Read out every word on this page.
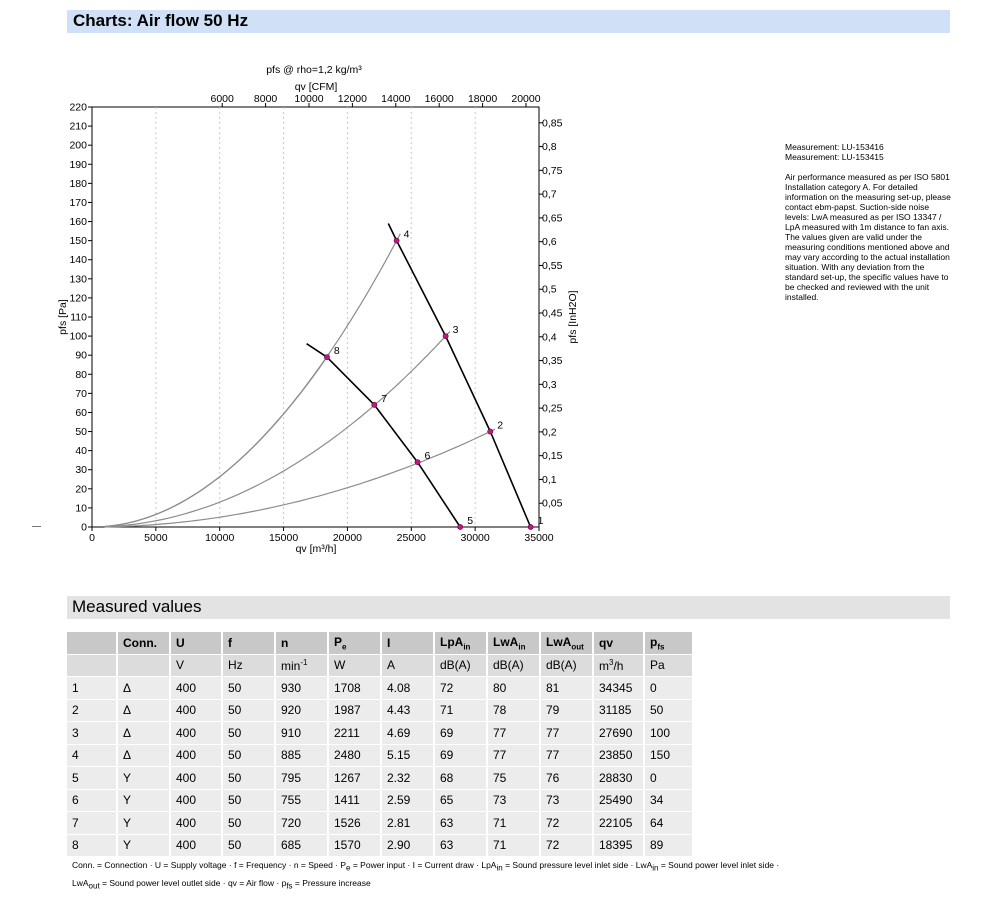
Charts: Air flow 50 Hz
0	5000	10000	15000	20000	25000	30000	35000
0
10
20
30
40
50
60
70
80
90
100
110
120
130
140
150
160
170
180
190
200
210
220
6000 8000 10000 12000 14000 16000 18000 20000
0,05
0,1
0,15
0,2
0,25
0,3
0,35
0,4
0,45
0,5
0,55
0,6
0,65
0,7
0,75
0,8
0,85
pfs @ rho=1,2 kg/m³
qv [CFM]
qv [m³/h]
pfs [Pa]	pfs [InH2O]
1
2
3
4
5
6
7
8

Measurement: LU-153416
Measurement: LU-153415

Air performance measured as per ISO 5801 Installation category A. For detailed information on the measuring set-up, please contact ebm-papst. Suction-side noise levels: LwA measured as per ISO 13347 / LpA measured with 1m distance to fan axis. The values given are valid under the measuring conditions mentioned above and may vary according to the actual installation situation. With any deviation from the standard set-up, the specific values have to be checked and reviewed with the unit installed.

Measured values
	Conn.	U	f	n	$P_e$	I	LpA$_{in}$	LwA$_{in}$	LwA$_{out}$	qv	$p_{fs}$
		V	Hz	$\min^{-1}$	W	A	dB(A)	dB(A)	dB(A)	$m^3/h$	Pa
1	Δ	400	50	930	1708	4.08	72	80	81	34345	0
2	Δ	400	50	920	1987	4.43	71	78	79	31185	50
3	Δ	400	50	910	2211	4.69	69	77	77	27690	100
4	Δ	400	50	885	2480	5.15	69	77	77	23850	150
5	Y	400	50	795	1267	2.32	68	75	76	28830	0
6	Y	400	50	755	1411	2.59	65	73	73	25490	34
7	Y	400	50	720	1526	2.81	63	71	72	22105	64
8	Y	400	50	685	1570	2.90	63	71	72	18395	89
Conn. = Connection · U = Supply voltage · f = Frequency · n = Speed · $P_e$ = Power input · I = Current draw · LpA$_{in}$ = Sound pressure level inlet side · LwA$_{in}$ = Sound power level inlet side ·
LwA$_{out}$ = Sound power level outlet side · qv = Air flow · $p_{fs}$ = Pressure increase
